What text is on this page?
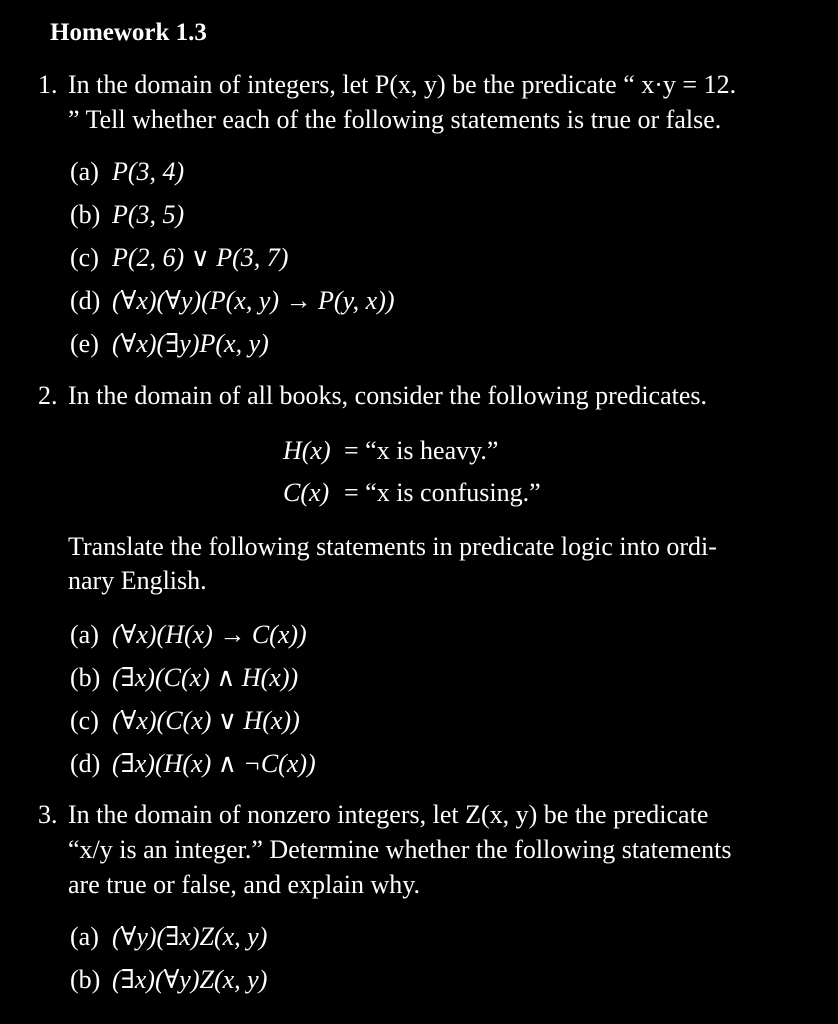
Homework 1.3
1. In the domain of integers, let P(x, y) be the predicate “ x·y = 12.
” Tell whether each of the following statements is true or false.
(a) P(3, 4)
(b) P(3, 5)
(c) P(2, 6) ∨ P(3, 7)
(d) (∀x)(∀y)(P(x, y) → P(y, x))
(e) (∀x)(∃y)P(x, y)
2. In the domain of all books, consider the following predicates.
H(x) = “x is heavy.”
C(x) = “x is confusing.”
Translate the following statements in predicate logic into ordi-
nary English.
(a) (∀x)(H(x) → C(x))
(b) (∃x)(C(x) ∧ H(x))
(c) (∀x)(C(x) ∨ H(x))
(d) (∃x)(H(x) ∧ ¬C(x))
3. In the domain of nonzero integers, let Z(x, y) be the predicate
“x/y is an integer.” Determine whether the following statements
are true or false, and explain why.
(a) (∀y)(∃x)Z(x, y)
(b) (∃x)(∀y)Z(x, y)
